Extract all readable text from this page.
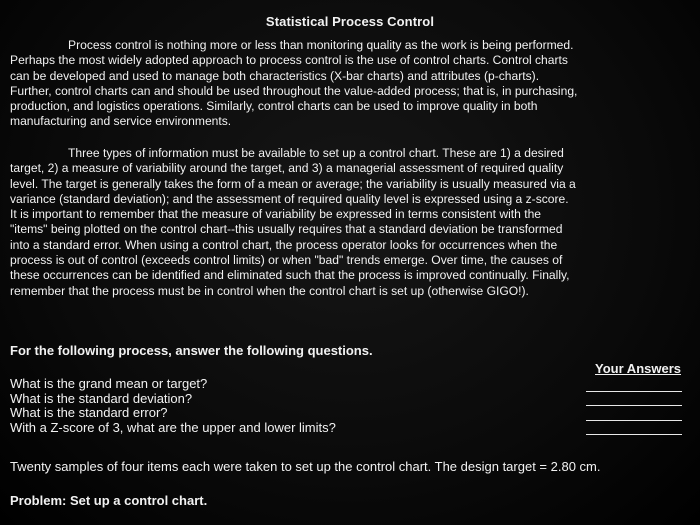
Statistical Process Control
Process control is nothing more or less than monitoring quality as the work is being performed.
Perhaps the most widely adopted approach to process control is the use of control charts. Control charts
can be developed and used to manage both characteristics (X-bar charts) and attributes (p-charts).
Further, control charts can and should be used throughout the value-added process; that is, in purchasing,
production, and logistics operations. Similarly, control charts can be used to improve quality in both
manufacturing and service environments.
Three types of information must be available to set up a control chart. These are 1) a desired
target, 2) a measure of variability around the target, and 3) a managerial assessment of required quality
level. The target is generally takes the form of a mean or average; the variability is usually measured via a
variance (standard deviation); and the assessment of required quality level is expressed using a z-score.
It is important to remember that the measure of variability be expressed in terms consistent with the
"items" being plotted on the control chart--this usually requires that a standard deviation be transformed
into a standard error. When using a control chart, the process operator looks for occurrences when the
process is out of control (exceeds control limits) or when "bad" trends emerge. Over time, the causes of
these occurrences can be identified and eliminated such that the process is improved continually. Finally,
remember that the process must be in control when the control chart is set up (otherwise GIGO!).
For the following process, answer the following questions.
Your Answers
What is the grand mean or target?
What is the standard deviation?
What is the standard error?
With a Z-score of 3, what are the upper and lower limits?
Twenty samples of four items each were taken to set up the control chart. The design target = 2.80 cm.
Problem: Set up a control chart.
